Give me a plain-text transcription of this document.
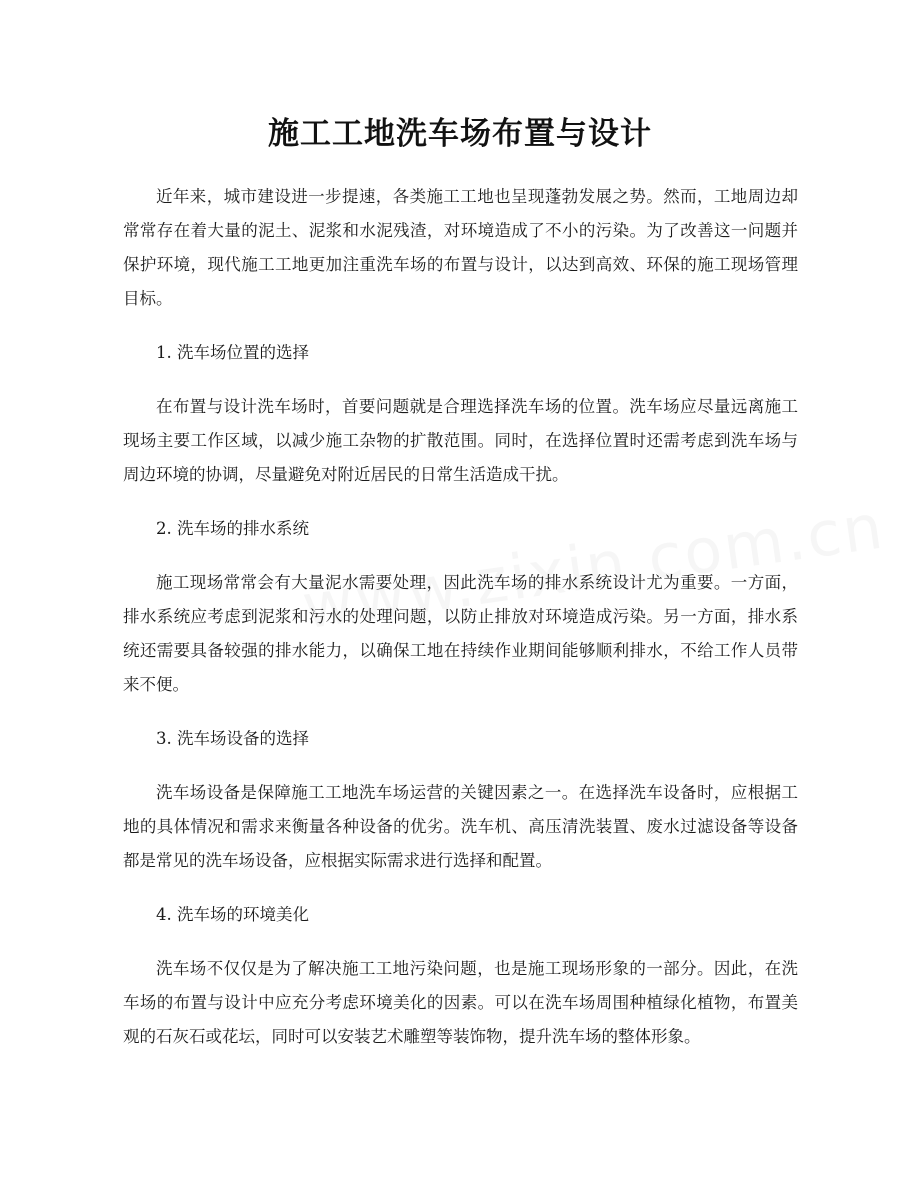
施工工地洗车场布置与设计

近年来，城市建设进一步提速，各类施工工地也呈现蓬勃发展之势。然而，工地周边却常常存在着大量的泥土、泥浆和水泥残渣，对环境造成了不小的污染。为了改善这一问题并保护环境，现代施工工地更加注重洗车场的布置与设计，以达到高效、环保的施工现场管理目标。

1. 洗车场位置的选择

在布置与设计洗车场时，首要问题就是合理选择洗车场的位置。洗车场应尽量远离施工现场主要工作区域，以减少施工杂物的扩散范围。同时，在选择位置时还需考虑到洗车场与周边环境的协调，尽量避免对附近居民的日常生活造成干扰。

2. 洗车场的排水系统

施工现场常常会有大量泥水需要处理，因此洗车场的排水系统设计尤为重要。一方面，排水系统应考虑到泥浆和污水的处理问题，以防止排放对环境造成污染。另一方面，排水系统还需要具备较强的排水能力，以确保工地在持续作业期间能够顺利排水，不给工作人员带来不便。

3. 洗车场设备的选择

洗车场设备是保障施工工地洗车场运营的关键因素之一。在选择洗车设备时，应根据工地的具体情况和需求来衡量各种设备的优劣。洗车机、高压清洗装置、废水过滤设备等设备都是常见的洗车场设备，应根据实际需求进行选择和配置。

4. 洗车场的环境美化

洗车场不仅仅是为了解决施工工地污染问题，也是施工现场形象的一部分。因此，在洗车场的布置与设计中应充分考虑环境美化的因素。可以在洗车场周围种植绿化植物，布置美观的石灰石或花坛，同时可以安装艺术雕塑等装饰物，提升洗车场的整体形象。
